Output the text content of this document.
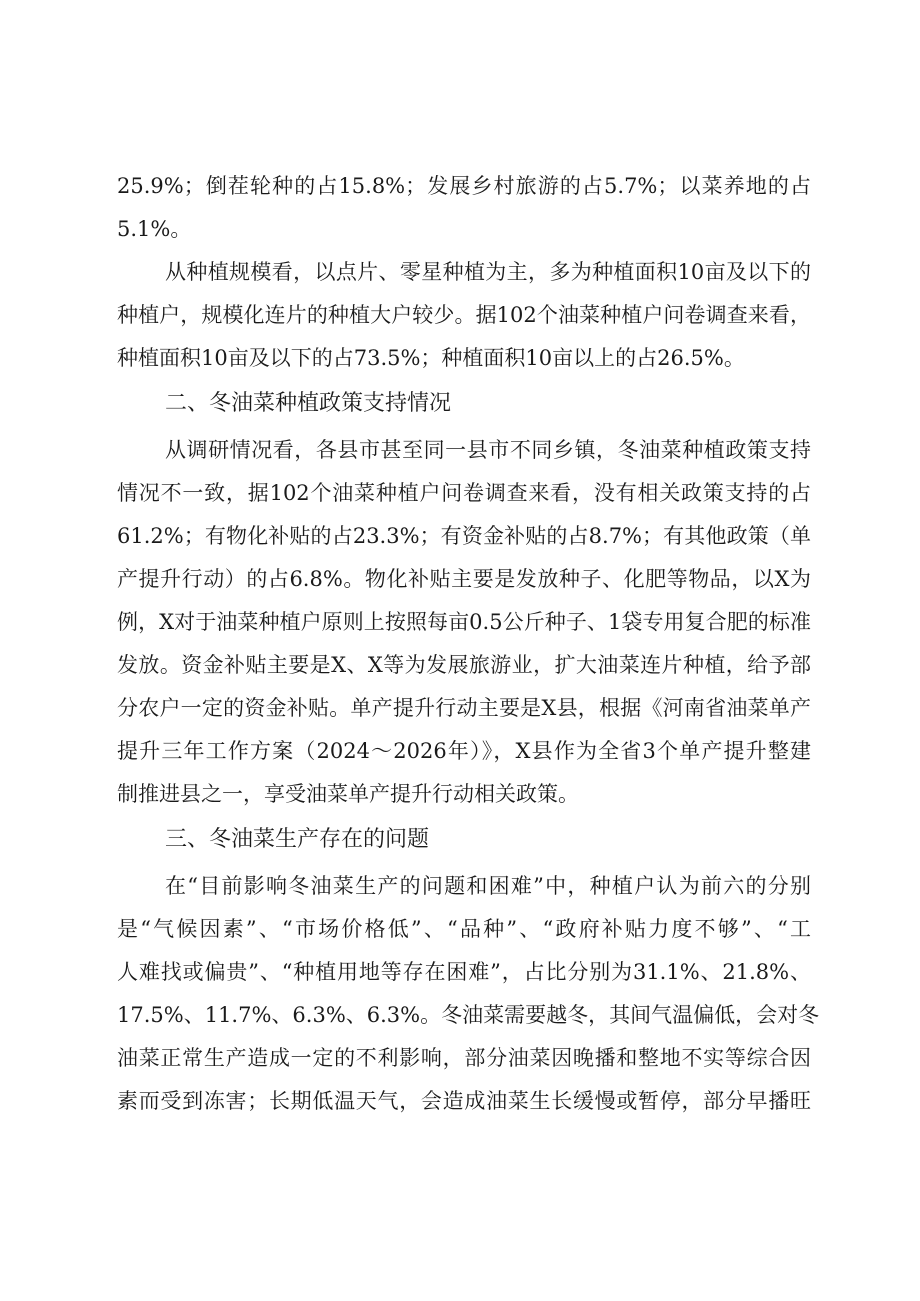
25.9%；倒茬轮种的占15.8%；发展乡村旅游的占5.7%；以菜养地的占
5.1%。
从种植规模看，以点片、零星种植为主，多为种植面积10亩及以下的
种植户，规模化连片的种植大户较少。据102个油菜种植户问卷调查来看，
种植面积10亩及以下的占73.5%；种植面积10亩以上的占26.5%。
二、冬油菜种植政策支持情况
从调研情况看，各县市甚至同一县市不同乡镇，冬油菜种植政策支持
情况不一致，据102个油菜种植户问卷调查来看，没有相关政策支持的占
61.2%；有物化补贴的占23.3%；有资金补贴的占8.7%；有其他政策（单
产提升行动）的占6.8%。物化补贴主要是发放种子、化肥等物品，以X为
例，X对于油菜种植户原则上按照每亩0.5公斤种子、1袋专用复合肥的标准
发放。资金补贴主要是X、X等为发展旅游业，扩大油菜连片种植，给予部
分农户一定的资金补贴。单产提升行动主要是X县，根据《河南省油菜单产
提升三年工作方案（2024～2026年）》，X县作为全省3个单产提升整建
制推进县之一，享受油菜单产提升行动相关政策。
三、冬油菜生产存在的问题
在“目前影响冬油菜生产的问题和困难”中，种植户认为前六的分别
是“气候因素”、“市场价格低”、“品种”、“政府补贴力度不够”、“工
人难找或偏贵”、“种植用地等存在困难”，占比分别为31.1%、21.8%、
17.5%、11.7%、6.3%、6.3%。冬油菜需要越冬，其间气温偏低，会对冬
油菜正常生产造成一定的不利影响，部分油菜因晚播和整地不实等综合因
素而受到冻害；长期低温天气，会造成油菜生长缓慢或暂停，部分早播旺
